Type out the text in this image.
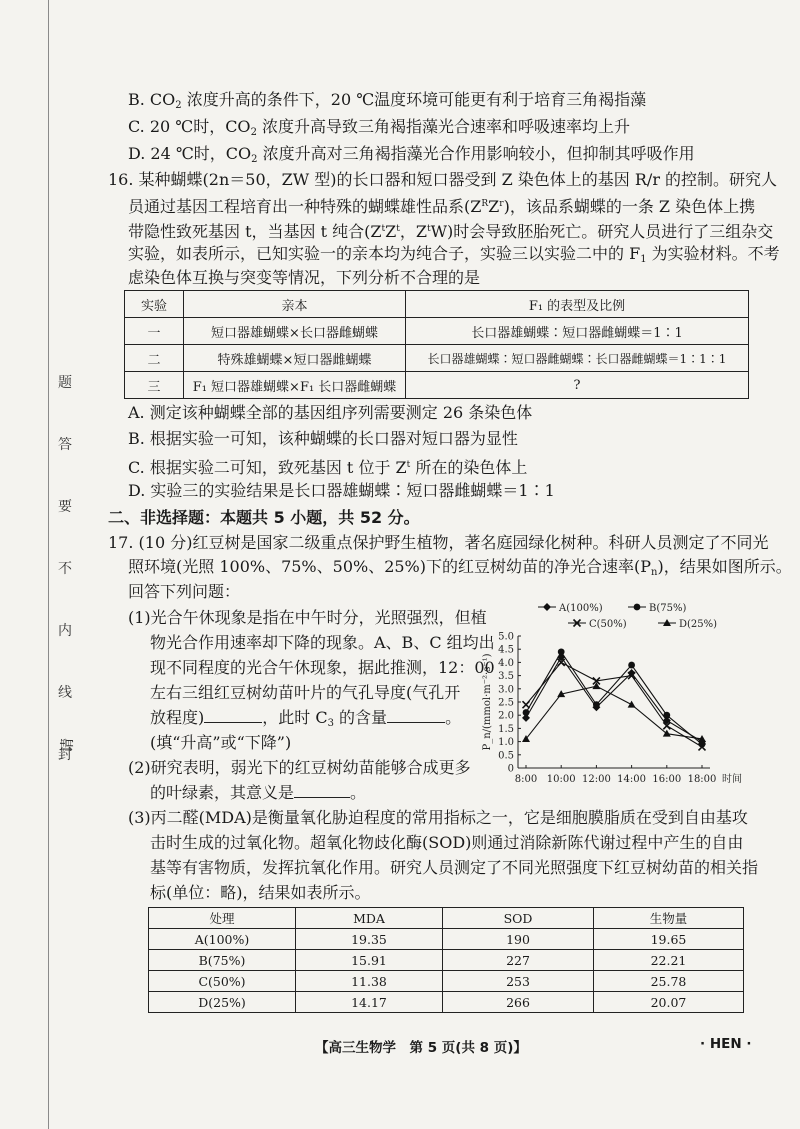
题
答
要
不
内
线
封
请
B. $CO_2$ 浓度升高的条件下，20 ℃温度环境可能更有利于培育三角褐指藻
C. 20 ℃时，$CO_2$ 浓度升高导致三角褐指藻光合速率和呼吸速率均上升
D. 24 ℃时，$CO_2$ 浓度升高对三角褐指藻光合作用影响较小，但抑制其呼吸作用
16. 某种蝴蝶(2n＝50，ZW 型)的长口器和短口器受到 Z 染色体上的基因 R/r 的控制。研究人
员通过基因工程培育出一种特殊的蝴蝶雄性品系$(Z^RZ^r)$，该品系蝴蝶的一条 Z 染色体上携
带隐性致死基因 t，当基因 t 纯合($Z^tZ^t$，$Z^tW$)时会导致胚胎死亡。研究人员进行了三组杂交
实验，如表所示，已知实验一的亲本均为纯合子，实验三以实验二中的 $F_1$ 为实验材料。不考
虑染色体互换与突变等情况，下列分析不合理的是
实验	亲本	F₁ 的表型及比例
一	短口器雄蝴蝶×长口器雌蝴蝶	长口器雄蝴蝶∶短口器雌蝴蝶＝1∶1
二	特殊雄蝴蝶×短口器雌蝴蝶	长口器雄蝴蝶∶短口器雌蝴蝶∶长口器雌蝴蝶＝1∶1∶1
三	F₁ 短口器雄蝴蝶×F₁ 长口器雌蝴蝶	?
A. 测定该种蝴蝶全部的基因组序列需要测定 26 条染色体
B. 根据实验一可知，该种蝴蝶的长口器对短口器为显性
C. 根据实验二可知，致死基因 t 位于 $Z^t$ 所在的染色体上
D. 实验三的实验结果是长口器雄蝴蝶∶短口器雌蝴蝶＝1∶1
二、非选择题：本题共 5 小题，共 52 分。
17. (10 分)红豆树是国家二级重点保护野生植物，著名庭园绿化树种。科研人员测定了不同光
照环境(光照 100%、75%、50%、25%)下的红豆树幼苗的净光合速率$(P_n)$，结果如图所示。
回答下列问题：
(1)光合午休现象是指在中午时分，光照强烈，但植
物光合作用速率却下降的现象。A、B、C 组均出
现不同程度的光合午休现象，据此推测，12：00
左右三组红豆树幼苗叶片的气孔导度(气孔开
放程度)	，此时 $C_3$ 的含量	。
(填“升高”或“下降”)
(2)研究表明，弱光下的红豆树幼苗能够合成更多
的叶绿素，其意义是	。
(3)丙二醛(MDA)是衡量氧化胁迫程度的常用指标之一，它是细胞膜脂质在受到自由基攻
击时生成的过氧化物。超氧化物歧化酶(SOD)则通过消除新陈代谢过程中产生的自由
基等有害物质，发挥抗氧化作用。研究人员测定了不同光照强度下红豆树幼苗的相关指
标(单位：略)，结果如表所示。
处理	MDA	SOD	生物量
A(100%)	19.35	190	19.65
B(75%)	15.91	227	22.21
C(50%)	11.38	253	25.78
D(25%)	14.17	266	20.07
0.5
1.0
1.5
2.0
2.5
3.0
3.5
4.0
4.5
5.0
0
8:00 10:00 12:00 14:00 16:00 18:00 时间
P_n/(mmol·m⁻²·s⁻¹)
A(100%)	B(75%)
C(50%)	D(25%)
【高三生物学　第 5 页(共 8 页)】	· HEN ·
